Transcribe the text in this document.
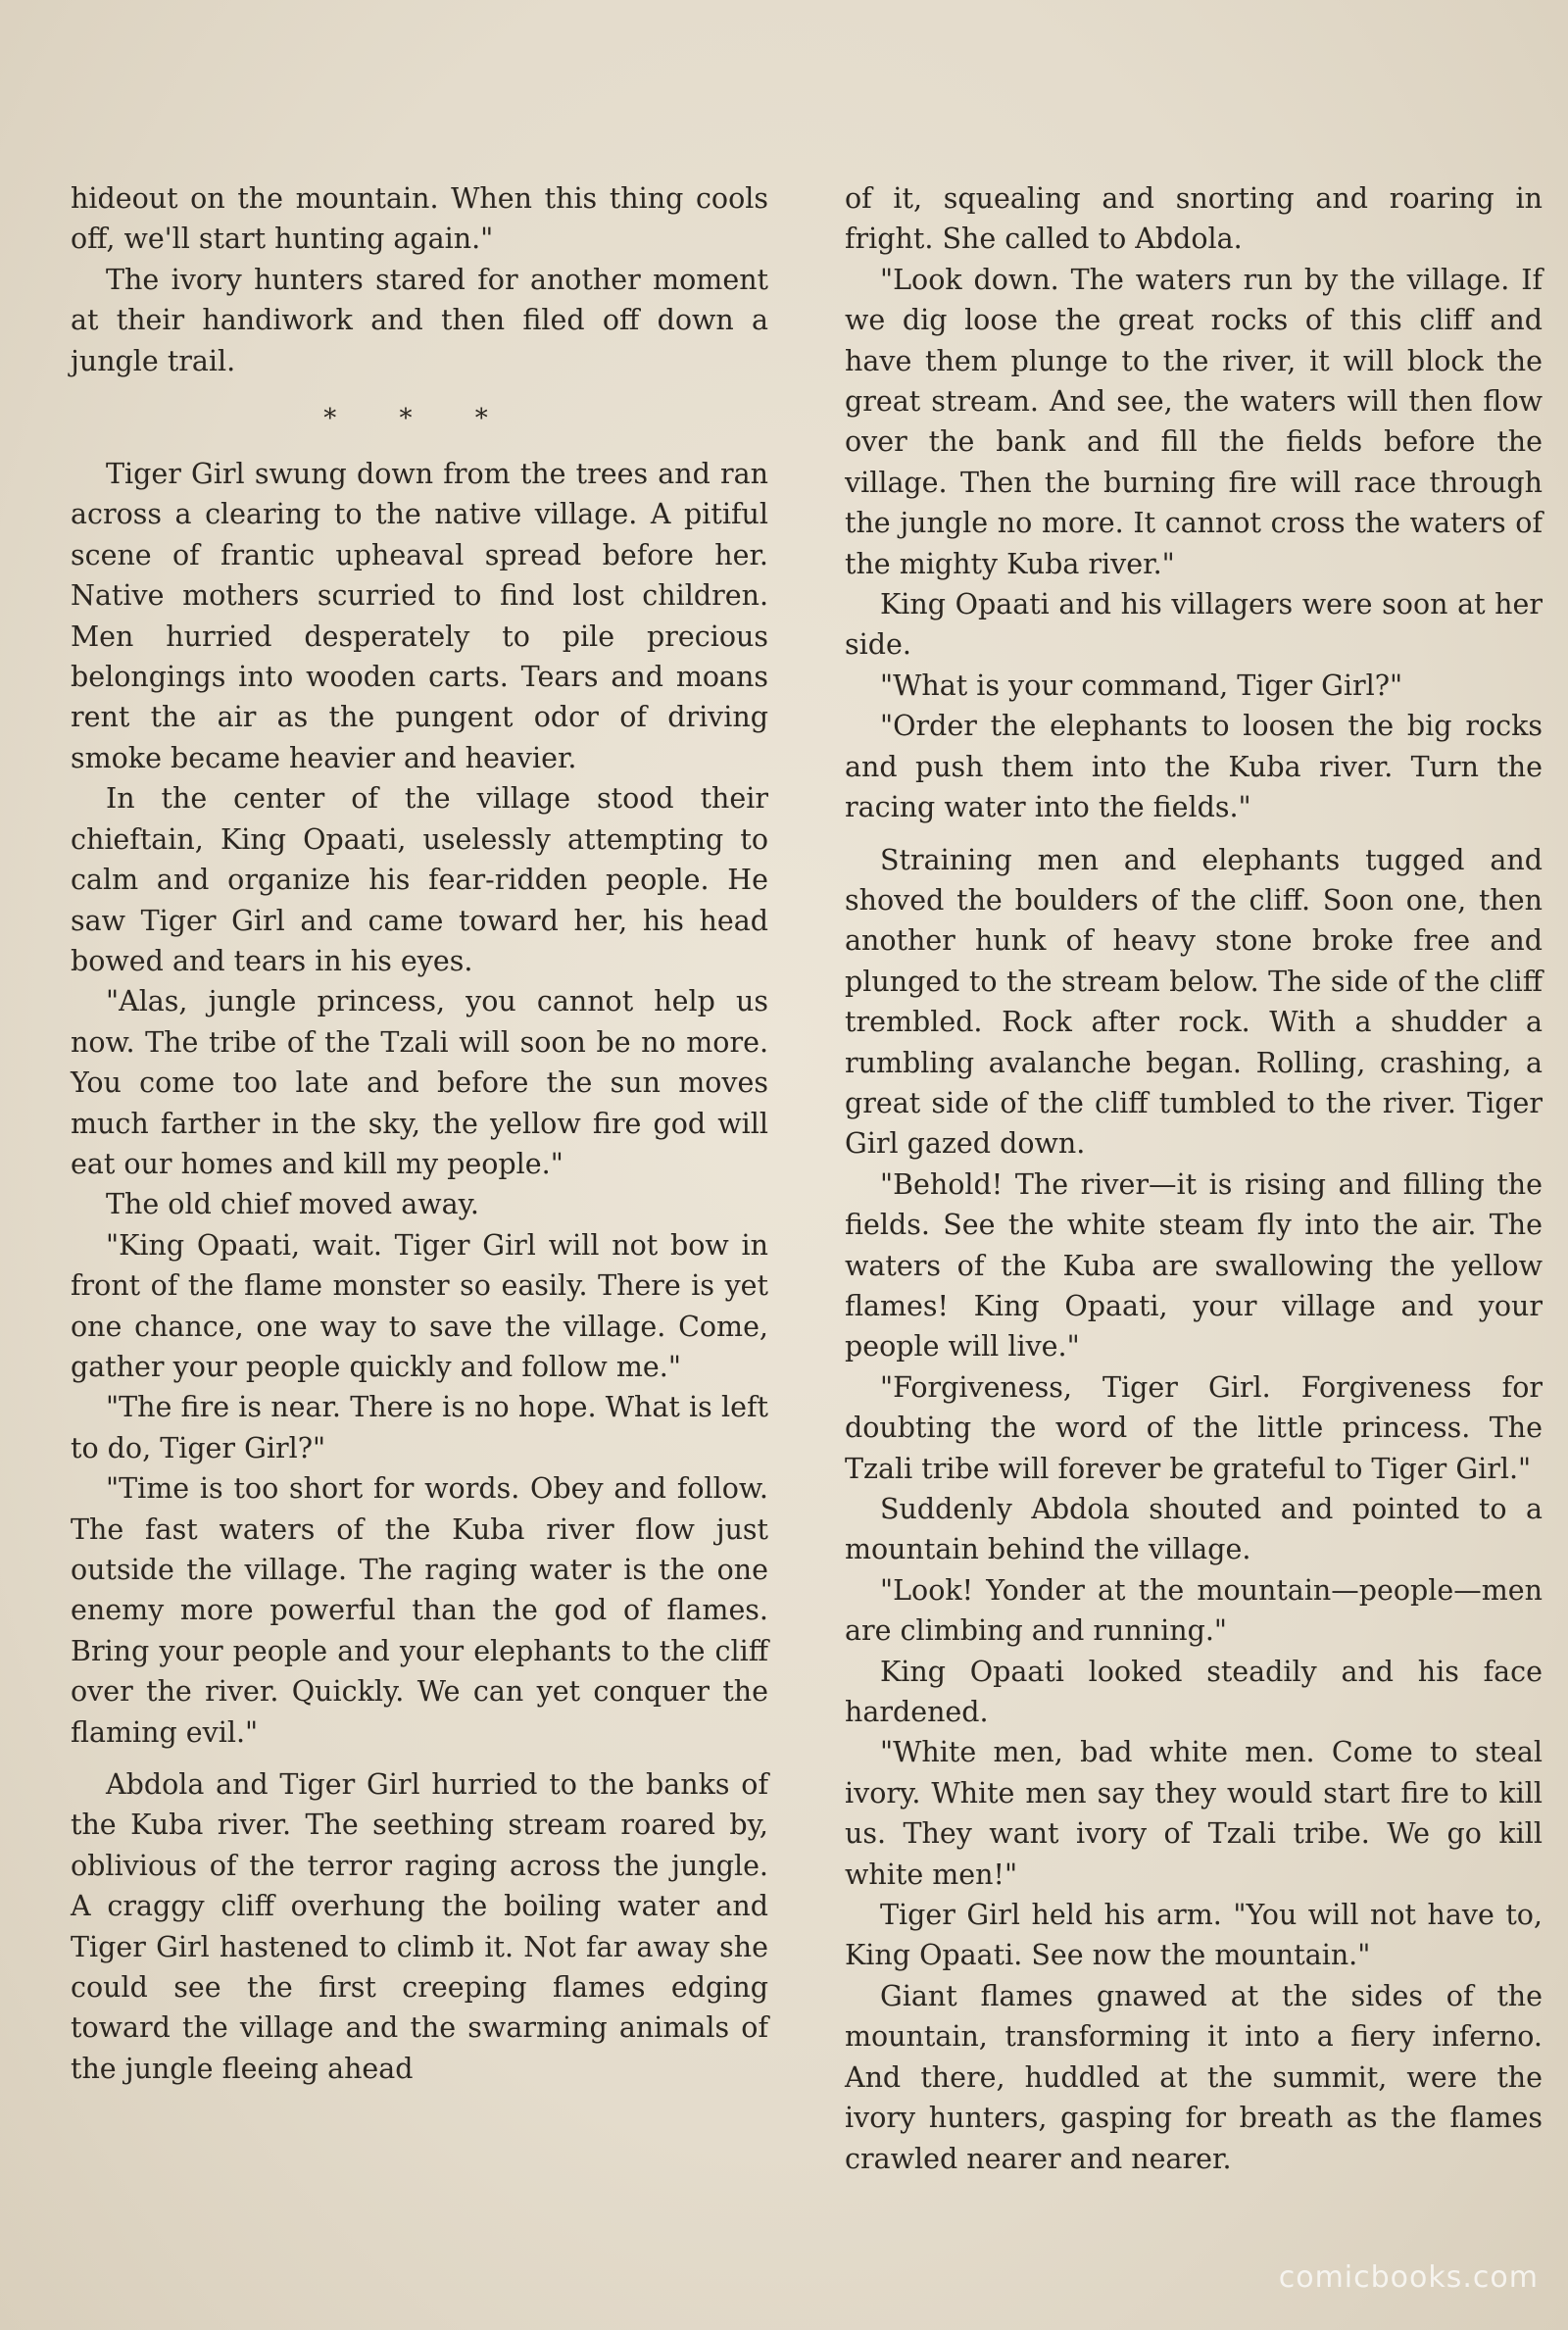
hideout on the mountain. When this thing cools off, we'll start hunting again."

The ivory hunters stared for another moment at their handiwork and then filed off down a jungle trail.

* * *

Tiger Girl swung down from the trees and ran across a clearing to the native village. A pitiful scene of frantic upheaval spread before her. Native mothers scurried to find lost children. Men hurried desperately to pile precious belongings into wooden carts. Tears and moans rent the air as the pungent odor of driving smoke became heavier and heavier.

In the center of the village stood their chieftain, King Opaati, uselessly attempting to calm and organize his fear-ridden people. He saw Tiger Girl and came toward her, his head bowed and tears in his eyes.

"Alas, jungle princess, you cannot help us now. The tribe of the Tzali will soon be no more. You come too late and before the sun moves much farther in the sky, the yellow fire god will eat our homes and kill my people."

The old chief moved away.

"King Opaati, wait. Tiger Girl will not bow in front of the flame monster so easily. There is yet one chance, one way to save the village. Come, gather your people quickly and follow me."

"The fire is near. There is no hope. What is left to do, Tiger Girl?"

"Time is too short for words. Obey and follow. The fast waters of the Kuba river flow just outside the village. The raging water is the one enemy more powerful than the god of flames. Bring your people and your elephants to the cliff over the river. Quickly. We can yet conquer the flaming evil."

Abdola and Tiger Girl hurried to the banks of the Kuba river. The seething stream roared by, oblivious of the terror raging across the jungle. A craggy cliff overhung the boiling water and Tiger Girl hastened to climb it. Not far away she could see the first creeping flames edging toward the village and the swarming animals of the jungle fleeing ahead

of it, squealing and snorting and roaring in fright. She called to Abdola.

"Look down. The waters run by the village. If we dig loose the great rocks of this cliff and have them plunge to the river, it will block the great stream. And see, the waters will then flow over the bank and fill the fields before the village. Then the burning fire will race through the jungle no more. It cannot cross the waters of the mighty Kuba river."

King Opaati and his villagers were soon at her side.

"What is your command, Tiger Girl?"

"Order the elephants to loosen the big rocks and push them into the Kuba river. Turn the racing water into the fields."

Straining men and elephants tugged and shoved the boulders of the cliff. Soon one, then another hunk of heavy stone broke free and plunged to the stream below. The side of the cliff trembled. Rock after rock. With a shudder a rumbling avalanche began. Rolling, crashing, a great side of the cliff tumbled to the river. Tiger Girl gazed down.

"Behold! The river—it is rising and filling the fields. See the white steam fly into the air. The waters of the Kuba are swallowing the yellow flames! King Opaati, your village and your people will live."

"Forgiveness, Tiger Girl. Forgiveness for doubting the word of the little princess. The Tzali tribe will forever be grateful to Tiger Girl."

Suddenly Abdola shouted and pointed to a mountain behind the village.

"Look! Yonder at the mountain—people—men are climbing and running."

King Opaati looked steadily and his face hardened.

"White men, bad white men. Come to steal ivory. White men say they would start fire to kill us. They want ivory of Tzali tribe. We go kill white men!"

Tiger Girl held his arm. "You will not have to, King Opaati. See now the mountain."

Giant flames gnawed at the sides of the mountain, transforming it into a fiery inferno. And there, huddled at the summit, were the ivory hunters, gasping for breath as the flames crawled nearer and nearer.

comicbooks.com
